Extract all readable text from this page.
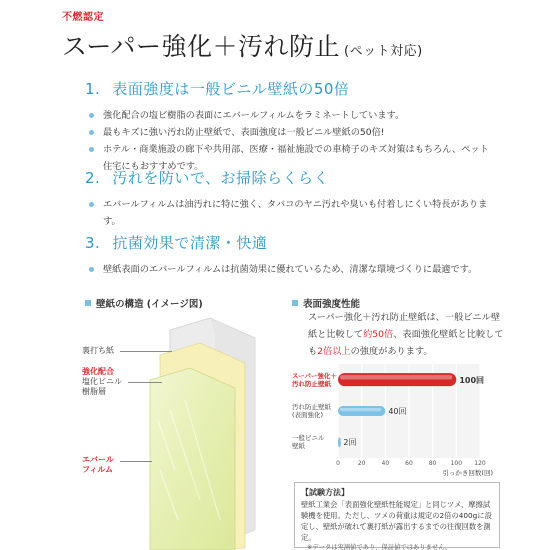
不燃認定
スーパー強化＋汚れ防止 (ペット対応)
1. 表面強度は一般ビニル壁紙の50倍
強化配合の塩ビ樹脂の表面にエバールフィルムをラミネートしています。
最もキズに強い汚れ防止壁紙で、表面強度は一般ビニル壁紙の50倍!
ホテル・商業施設の廊下や共用部、医療・福祉施設での車椅子のキズ対策はもちろん、ペット住宅にもおすすめです。
2. 汚れを防いで、お掃除らくらく
エバールフィルムは油汚れに特に強く、タバコのヤニ汚れや臭いも付着しにくい特長があります。
3. 抗菌効果で清潔・快適
壁紙表面のエバールフィルムは抗菌効果に優れているため、清潔な環境づくりに最適です。
壁紙の構造 (イメージ図)
裏打ち紙
強化配合
塩化ビニル
樹脂層
エバール
フィルム
表面強度性能
スーパー強化＋汚れ防止壁紙は、一般ビニル壁紙と比較して約50倍、表面強化壁紙と比較しても2倍以上の強度があります。
0	20	40	60	80 100 120
100回
スーパー強化＋
汚れ防止壁紙
40回
汚れ防止壁紙
(表面強化)
2回
一般ビニル
壁紙
引っかき回数(回)
【試験方法】
壁紙工業会「表面強化壁紙性能規定」と同じツメ、摩擦試験機を使用。ただし、ツメの荷重は規定の2倍の400gに設定し、壁紙が破れて裏打紙が露出するまでの往復回数を測定。
※データは実測値であり、保証値ではありません。
